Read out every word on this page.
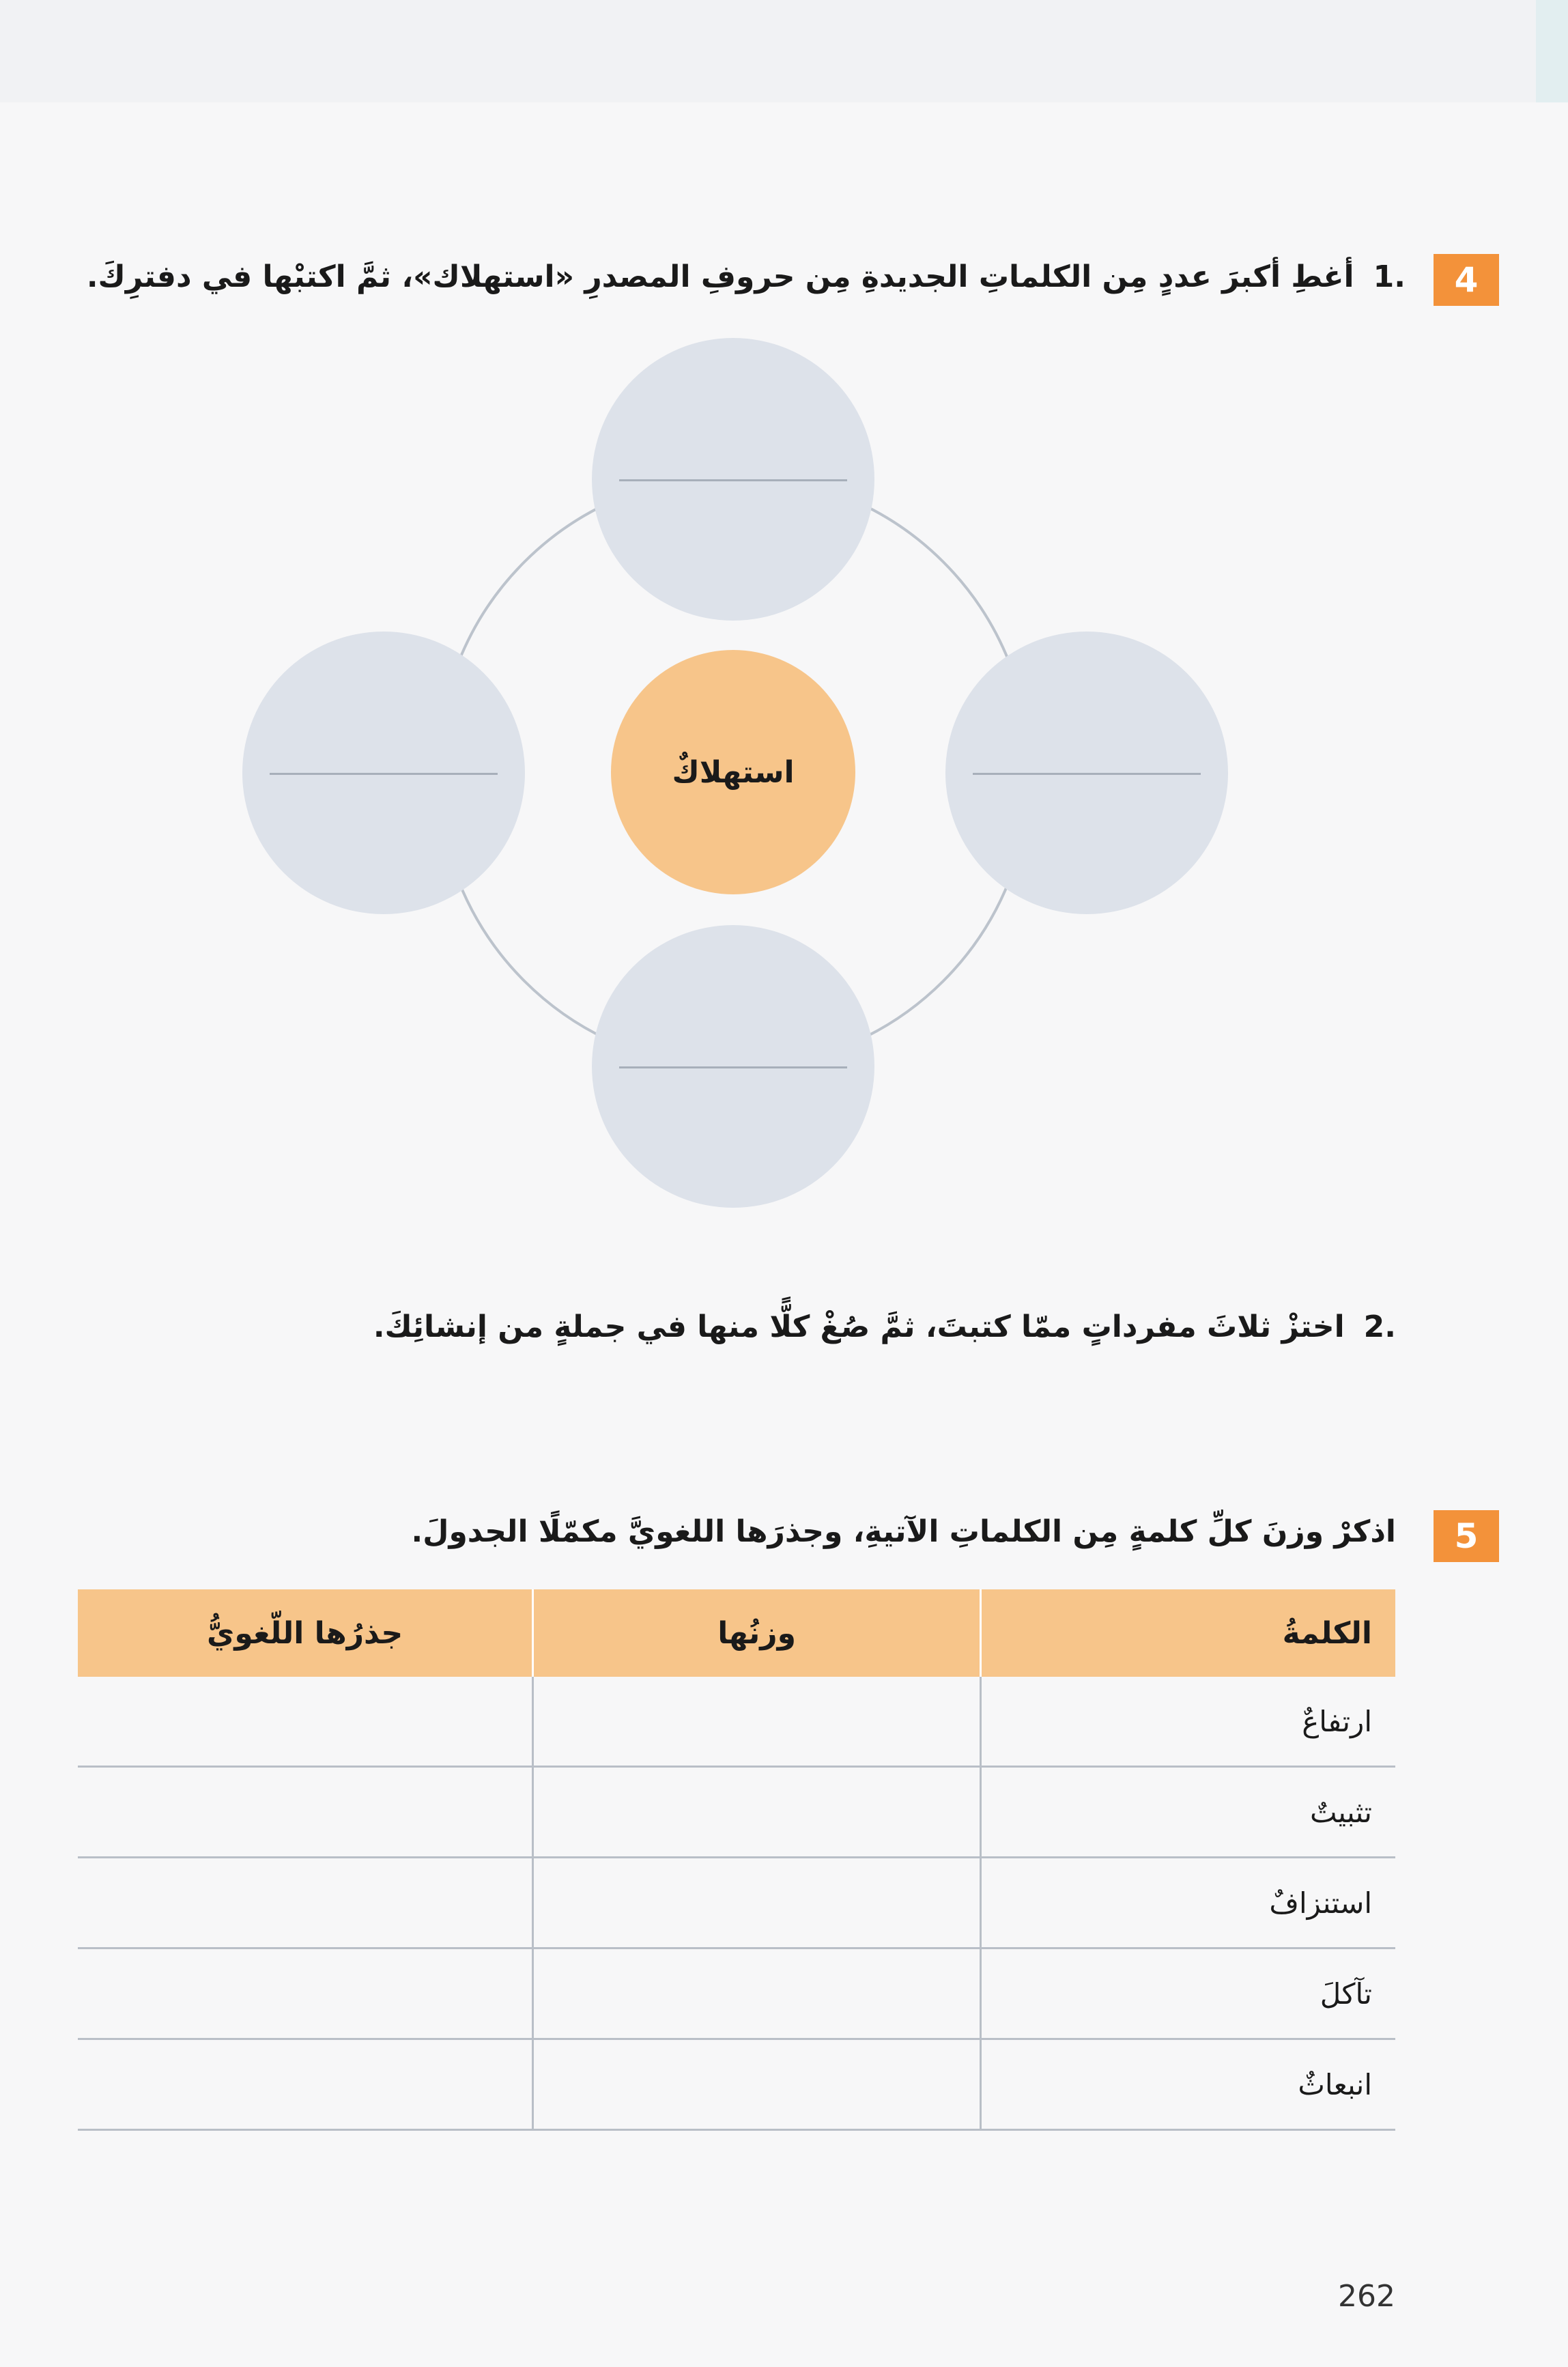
4
.1أغطِ أكبرَ عددٍ مِن الكلماتِ الجديدةِ مِن حروفِ المصدرِ «استهلاك»، ثمَّ اكتبْها في دفترِكَ.
استهلاكٌ
.2اختزْ ثلاثَ مفرداتٍ ممّا كتبتَ، ثمَّ صُغْ كلًّا منها في جملةٍ من إنشائِكَ.
5
اذكرْ وزنَ كلِّ كلمةٍ مِن الكلماتِ الآتيةِ، وجذرَها اللغويَّ مكمّلًا الجدولَ.
الكلمةُ	وزنُها	جذرُها اللّغويُّ
ارتفاعٌ		
تثبيتٌ		
استنزافٌ		
تآكلَ		
انبعاثٌ		
262
